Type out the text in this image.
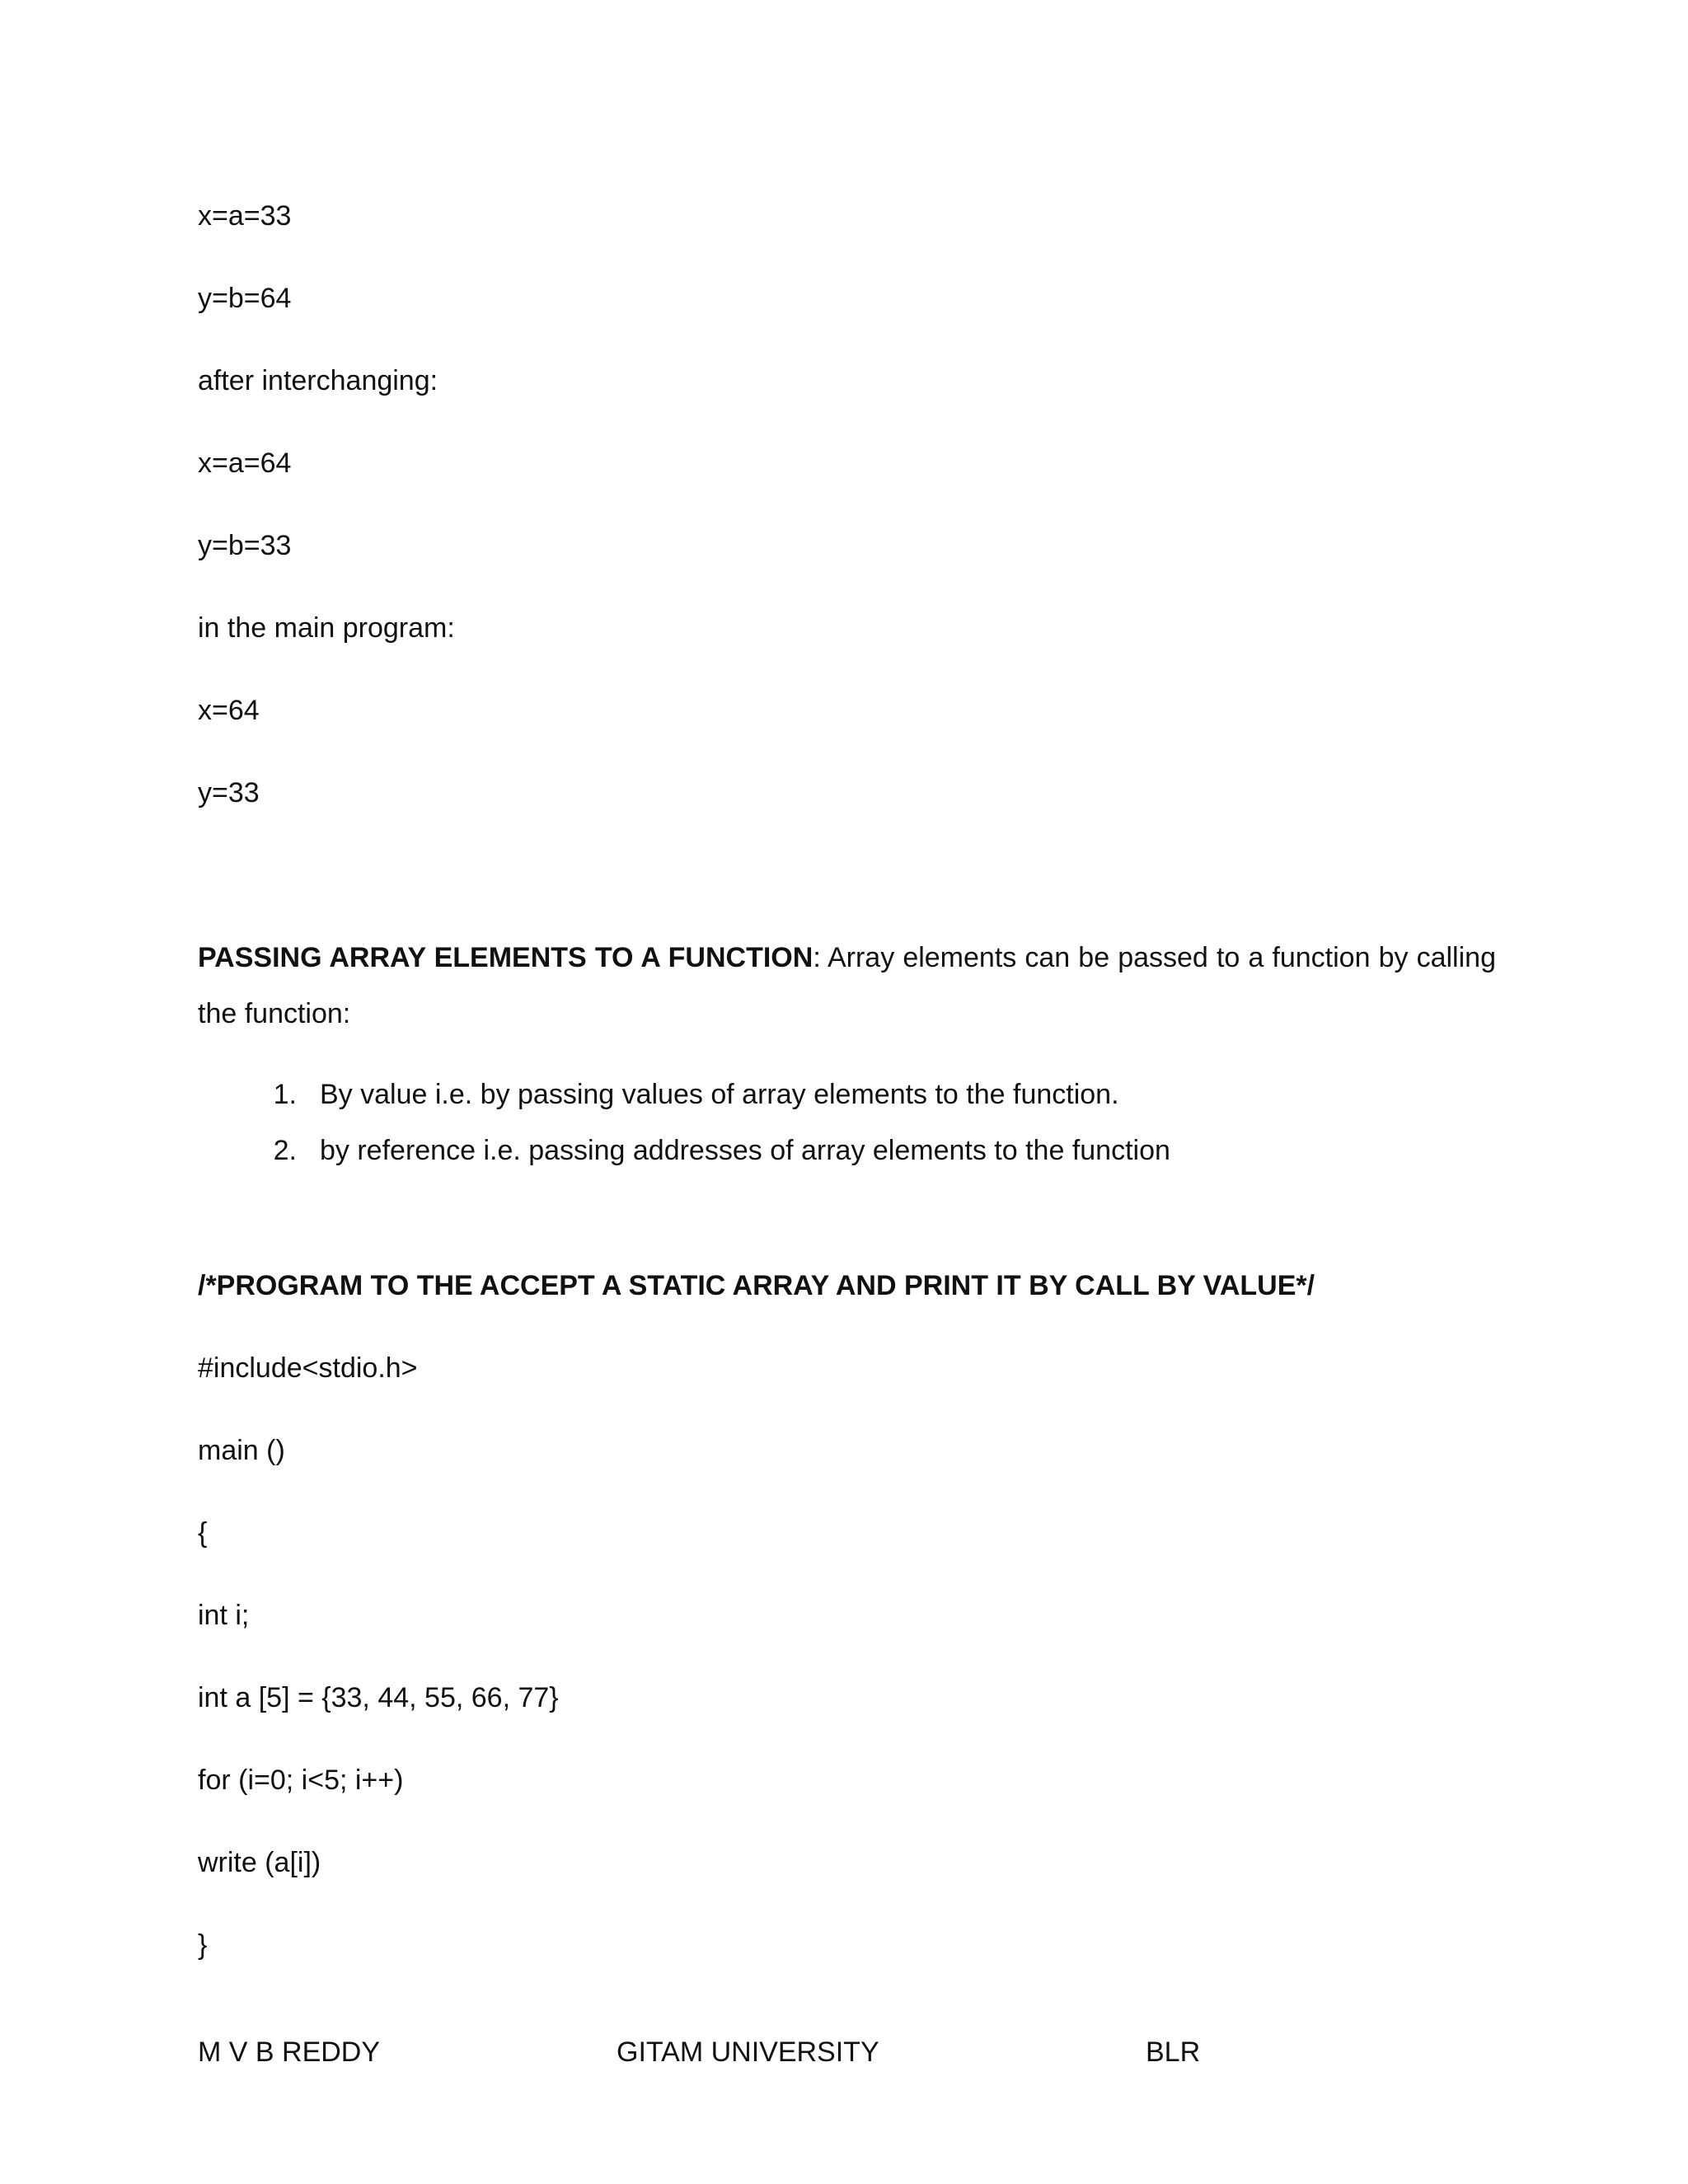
x=a=33
y=b=64
after interchanging:
x=a=64
y=b=33
in the main program:
x=64
y=33
PASSING ARRAY ELEMENTS TO A FUNCTION: Array elements can be passed to a function by calling the function:
1. By value i.e. by passing values of array elements to the function.
2. by reference i.e. passing addresses of array elements to the function
/*PROGRAM TO THE ACCEPT A STATIC ARRAY AND PRINT IT BY CALL BY VALUE*/
#include<stdio.h>
main ()
{
int i;
int a [5] = {33, 44, 55, 66, 77}
for (i=0; i<5; i++)
write (a[i])
}
M V B REDDY	GITAM UNIVERSITY	BLR
